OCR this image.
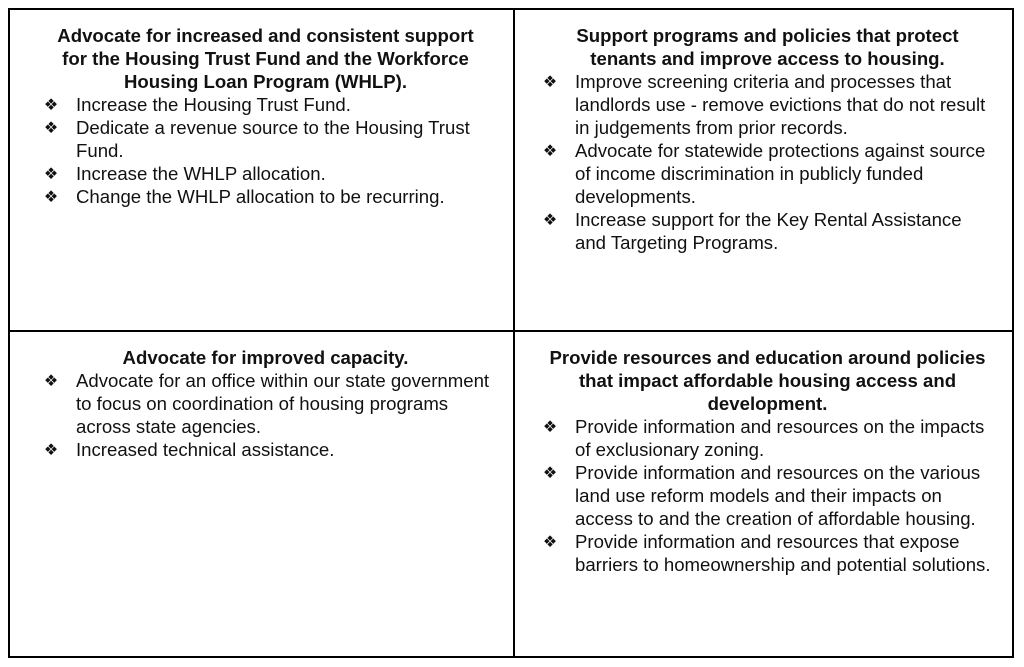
Advocate for increased and consistent support for the Housing Trust Fund and the Workforce Housing Loan Program (WHLP).

❖ Increase the Housing Trust Fund.
❖ Dedicate a revenue source to the Housing Trust Fund.
❖ Increase the WHLP allocation.
❖ Change the WHLP allocation to be recurring.

Support programs and policies that protect tenants and improve access to housing.

❖ Improve screening criteria and processes that landlords use - remove evictions that do not result in judgements from prior records.
❖ Advocate for statewide protections against source of income discrimination in publicly funded developments.
❖ Increase support for the Key Rental Assistance and Targeting Programs.

Advocate for improved capacity.

❖ Advocate for an office within our state government to focus on coordination of housing programs across state agencies.
❖ Increased technical assistance.

Provide resources and education around policies that impact affordable housing access and development.

❖ Provide information and resources on the impacts of exclusionary zoning.
❖ Provide information and resources on the various land use reform models and their impacts on access to and the creation of affordable housing.
❖ Provide information and resources that expose barriers to homeownership and potential solutions.
